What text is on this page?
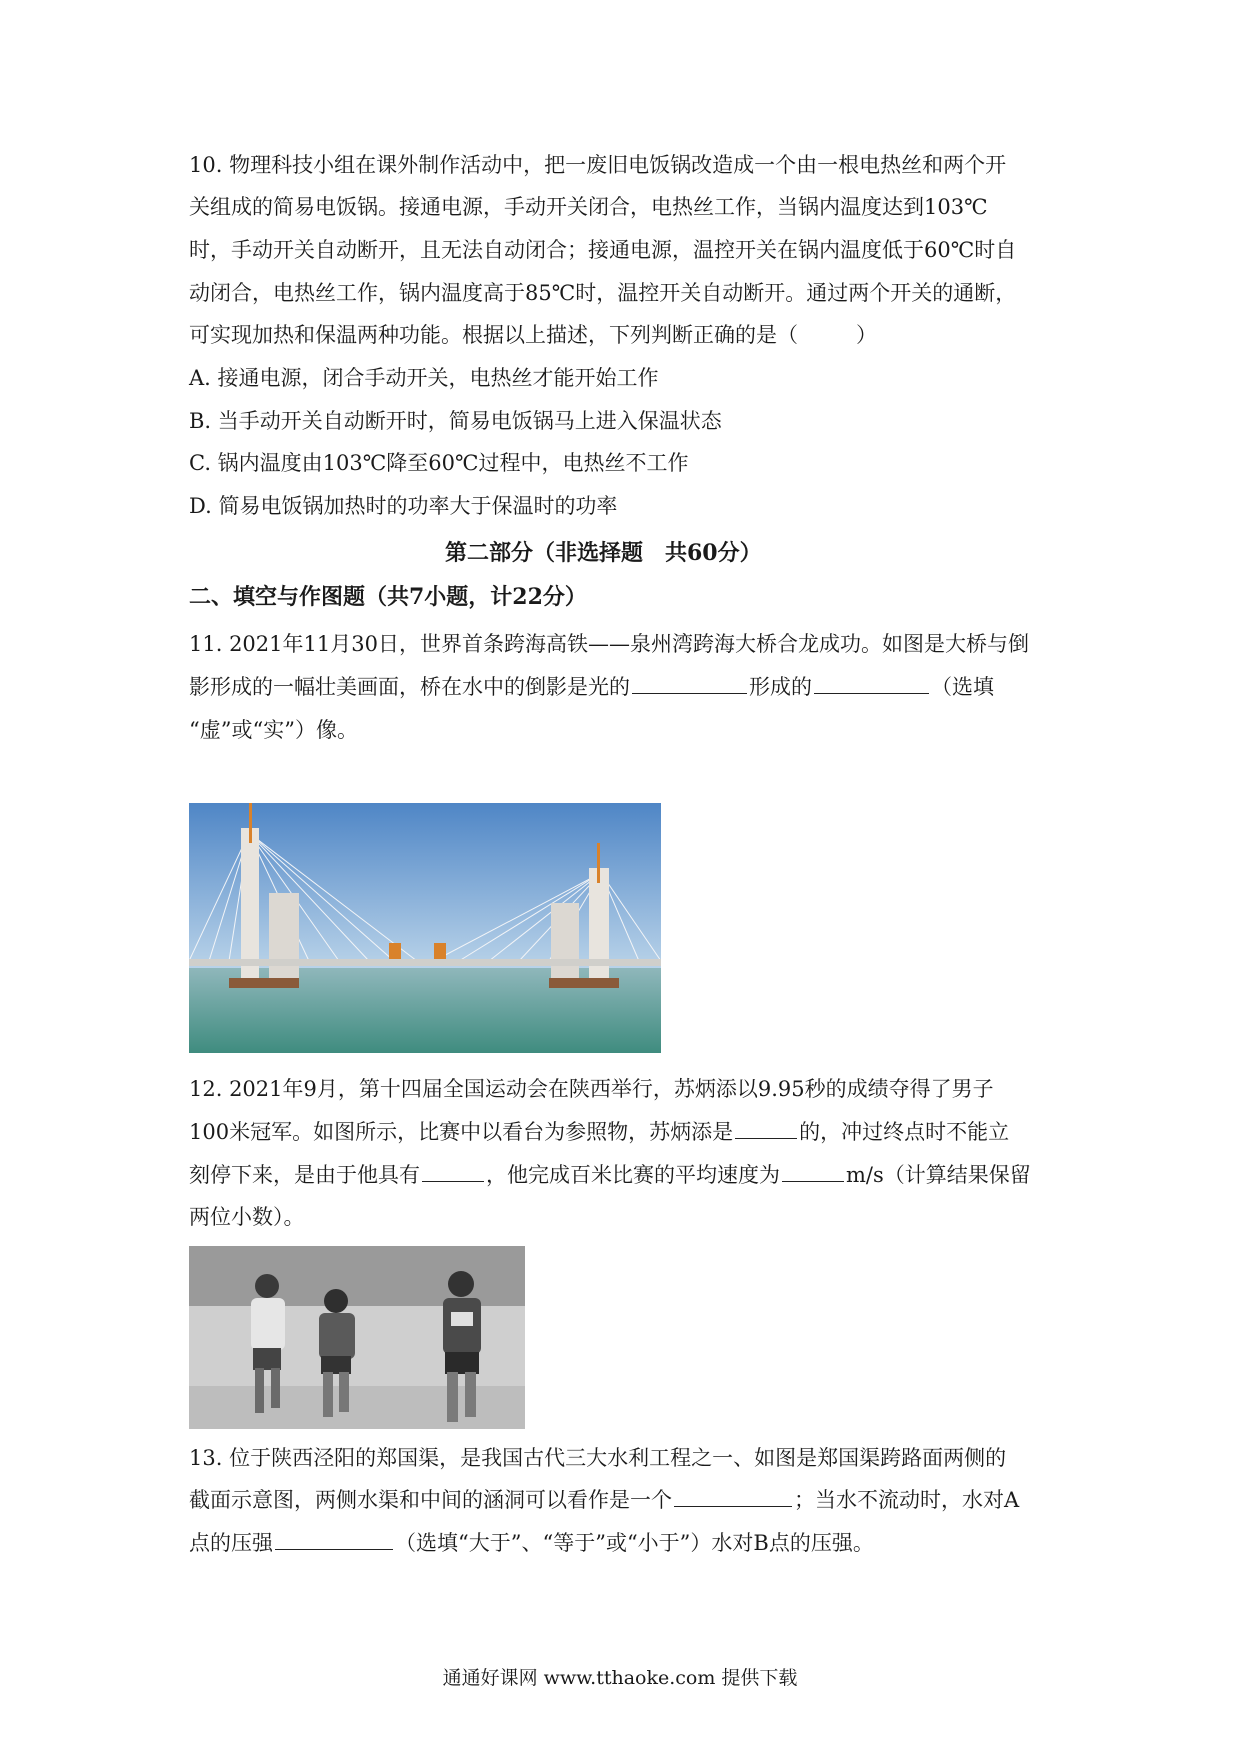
10. 物理科技小组在课外制作活动中，把一废旧电饭锅改造成一个由一根电热丝和两个开
关组成的简易电饭锅。接通电源，手动开关闭合，电热丝工作，当锅内温度达到103℃
时，手动开关自动断开，且无法自动闭合；接通电源，温控开关在锅内温度低于60℃时自
动闭合，电热丝工作，锅内温度高于85℃时，温控开关自动断开。通过两个开关的通断，
可实现加热和保温两种功能。根据以上描述，下列判断正确的是（	）
A. 接通电源，闭合手动开关，电热丝才能开始工作
B. 当手动开关自动断开时，简易电饭锅马上进入保温状态
C. 锅内温度由103℃降至60℃过程中，电热丝不工作
D. 简易电饭锅加热时的功率大于保温时的功率
第二部分（非选择题　共60分）
二、填空与作图题（共7小题，计22分）
11. 2021年11月30日，世界首条跨海高铁——泉州湾跨海大桥合龙成功。如图是大桥与倒
影形成的一幅壮美画面，桥在水中的倒影是光的	形成的	（选填
“虚”或“实”）像。
12. 2021年9月，第十四届全国运动会在陕西举行，苏炳添以9.95秒的成绩夺得了男子
100米冠军。如图所示，比赛中以看台为参照物，苏炳添是	的，冲过终点时不能立
刻停下来，是由于他具有	，他完成百米比赛的平均速度为	m/s（计算结果保留
两位小数）。
13. 位于陕西泾阳的郑国渠，是我国古代三大水利工程之一、如图是郑国渠跨路面两侧的
截面示意图，两侧水渠和中间的涵洞可以看作是一个	；当水不流动时，水对A
点的压强	（选填“大于”、“等于”或“小于”）水对B点的压强。
通通好课网 www.tthaoke.com 提供下载
